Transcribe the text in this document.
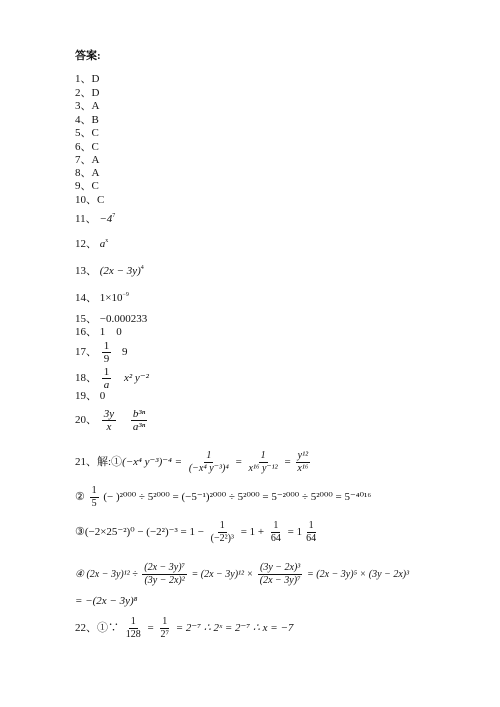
答案:
1、D
2、D
3、A
4、B
5、C
6、C
7、A
8、A
9、C
10、C
11、 $-4^7$
12、 $a^x$
13、 $(2x - 3y)^4$
14、 $1\times 10^{-9}$
15、 −0.000233
16、 1    0
17、 $\frac{1}{9} 9$
18、 $\frac{1}{a} x^2$ y⁻²
19、 0
20、 $\frac{3y}{x}$
$\frac{\text{b³ⁿ}}{\text{a³ⁿ}}$
21、解:①(−x⁴ $y^{-3})^{-4} = \frac{1}{\text{(−x⁴ y⁻³)⁴}} = \frac{1}{\text{x¹⁶ y⁻¹²}} = \frac{\text{y¹²}}{\text{x¹⁶}}$
② $\frac{1}{5}$ (− )²⁰⁰⁰ ÷ 5²⁰⁰⁰ = (−5⁻¹)²⁰⁰⁰ ÷ 5²⁰⁰⁰ = 5⁻²⁰⁰⁰ ÷ 5²⁰⁰⁰ = 5⁻⁴⁰¹⁶
③(−2×25⁻²)⁰ − $(-2^2)^{-3} = 1 - \frac{1}{\text{(−2²)³}} = 1 + \frac{1}{64} = 1 \frac{1}{64}$
④ $(2x - 3y)^{12} \div \frac{\text{(2x − 3y)⁷}}{\text{(3y − 2x)²}} = (2x - 3y)^{12} \times \frac{\text{(3y − 2x)³}}{\text{(2x − 3y)⁷}} = (2x - 3y)^5 \times (3y - 2x)^3$
= −(2x − 3y)⁸
22、①∵ $\frac{1}{128} = \frac{1}{\text{2⁷}} = 2^{-7}$ ∴ 2ˣ = 2⁻⁷ ∴ x = −7
